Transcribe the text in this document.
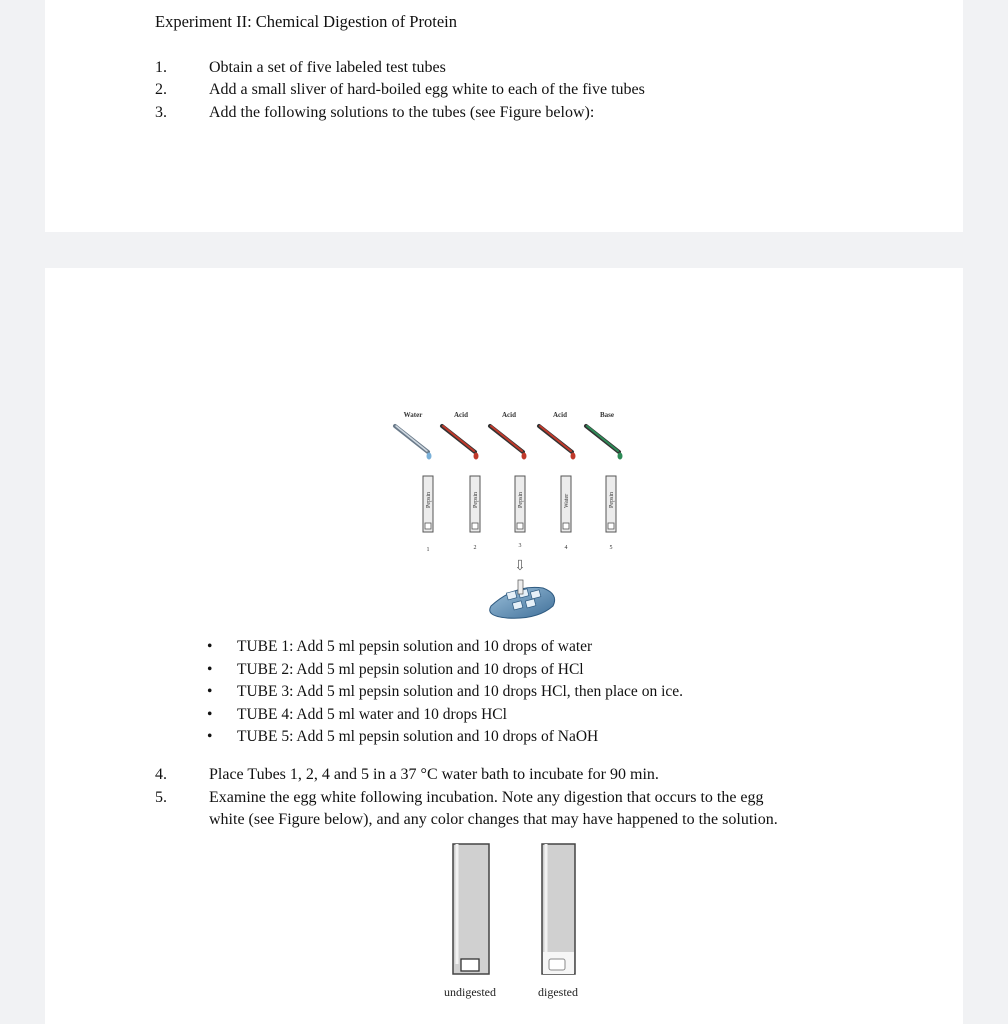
Experiment II: Chemical Digestion of Protein
1.	Obtain a set of five labeled test tubes
2.	Add a small sliver of hard-boiled egg white to each of the five tubes
3.	Add the following solutions to the tubes (see Figure below):
Water	Acid	Acid	Acid	Base
Pepsin	Pepsin	Pepsin	Water	Pepsin
1	2	3	4	5
⇩
• TUBE 1: Add 5 ml pepsin solution and 10 drops of water
• TUBE 2: Add 5 ml pepsin solution and 10 drops of HCl
• TUBE 3: Add 5 ml pepsin solution and 10 drops HCl, then place on ice.
• TUBE 4: Add 5 ml water and 10 drops HCl
• TUBE 5: Add 5 ml pepsin solution and 10 drops of NaOH
4.	Place Tubes 1, 2, 4 and 5 in a 37 °C water bath to incubate for 90 min.
5.	Examine the egg white following incubation. Note any digestion that occurs to the egg
white (see Figure below), and any color changes that may have happened to the solution.
undigested	digested
